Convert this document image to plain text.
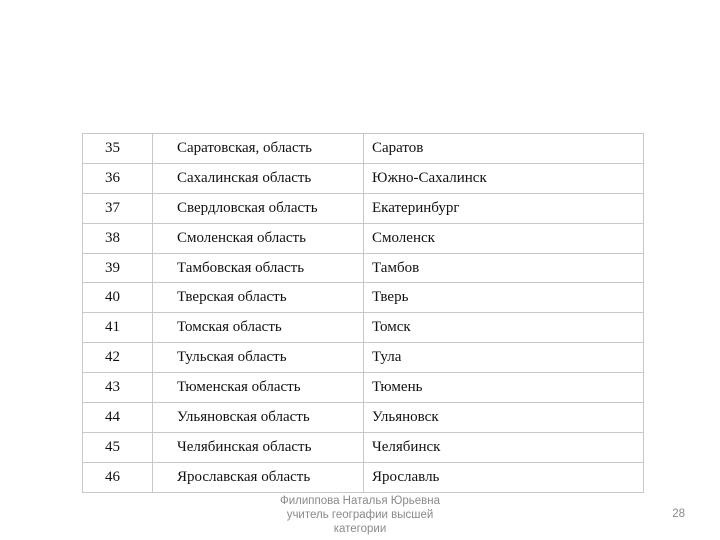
35	Саратовская, область	Саратов
36	Сахалинская область	Южно-Сахалинск
37	Свердловская область	Екатеринбург
38	Смоленская область	Смоленск
39	Тамбовская область	Тамбов
40	Тверская область	Тверь
41	Томская область	Томск
42	Тульская область	Тула
43	Тюменская область	Тюмень
44	Ульяновская область	Ульяновск
45	Челябинская область	Челябинск
46	Ярославская область	Ярославль
Филиппова Наталья Юрьевна
учитель географии высшей
категории
28
